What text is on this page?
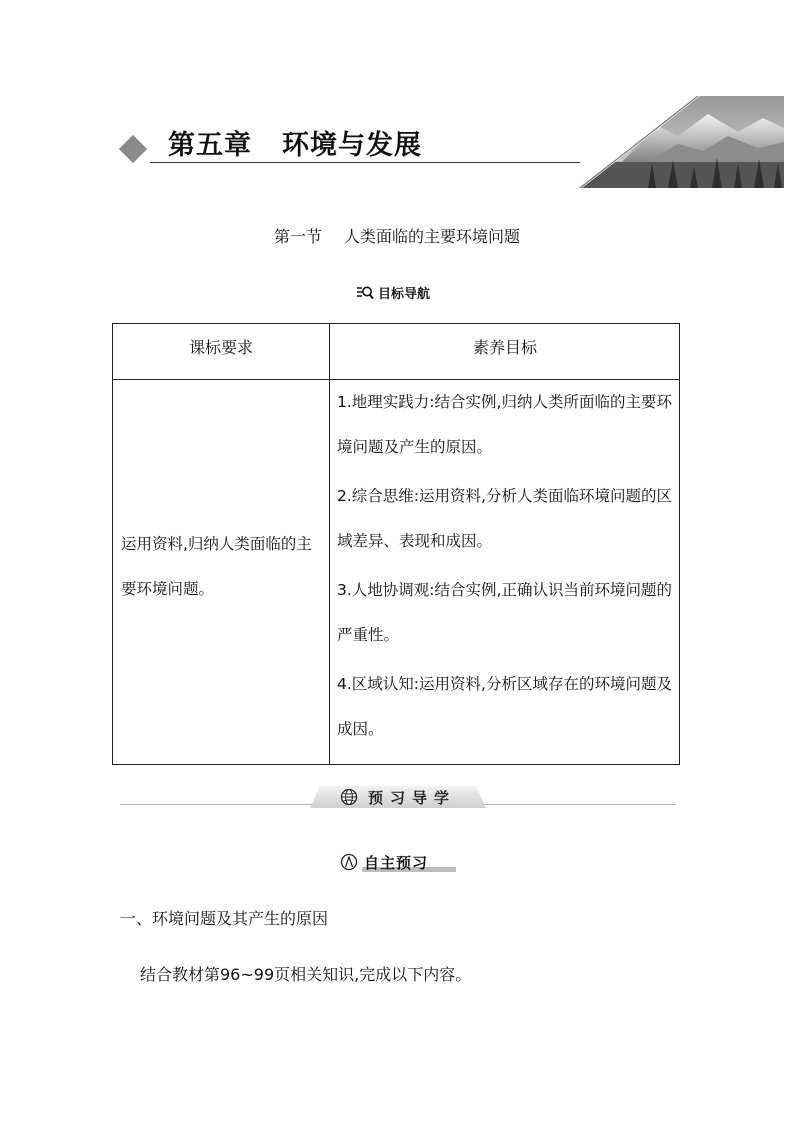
第五章 环境与发展
第一节 人类面临的主要环境问题
目标导航
课标要求	素养目标
运用资料,归纳人类面临的主要环境问题。
1.地理实践力:结合实例,归纳人类所面临的主要环境问题及产生的原因。
2.综合思维:运用资料,分析人类面临环境问题的区域差异、表现和成因。
3.人地协调观:结合实例,正确认识当前环境问题的严重性。
4.区域认知:运用资料,分析区域存在的环境问题及成因。
预习导学
自主预习
一、环境问题及其产生的原因
结合教材第96~99页相关知识,完成以下内容。
